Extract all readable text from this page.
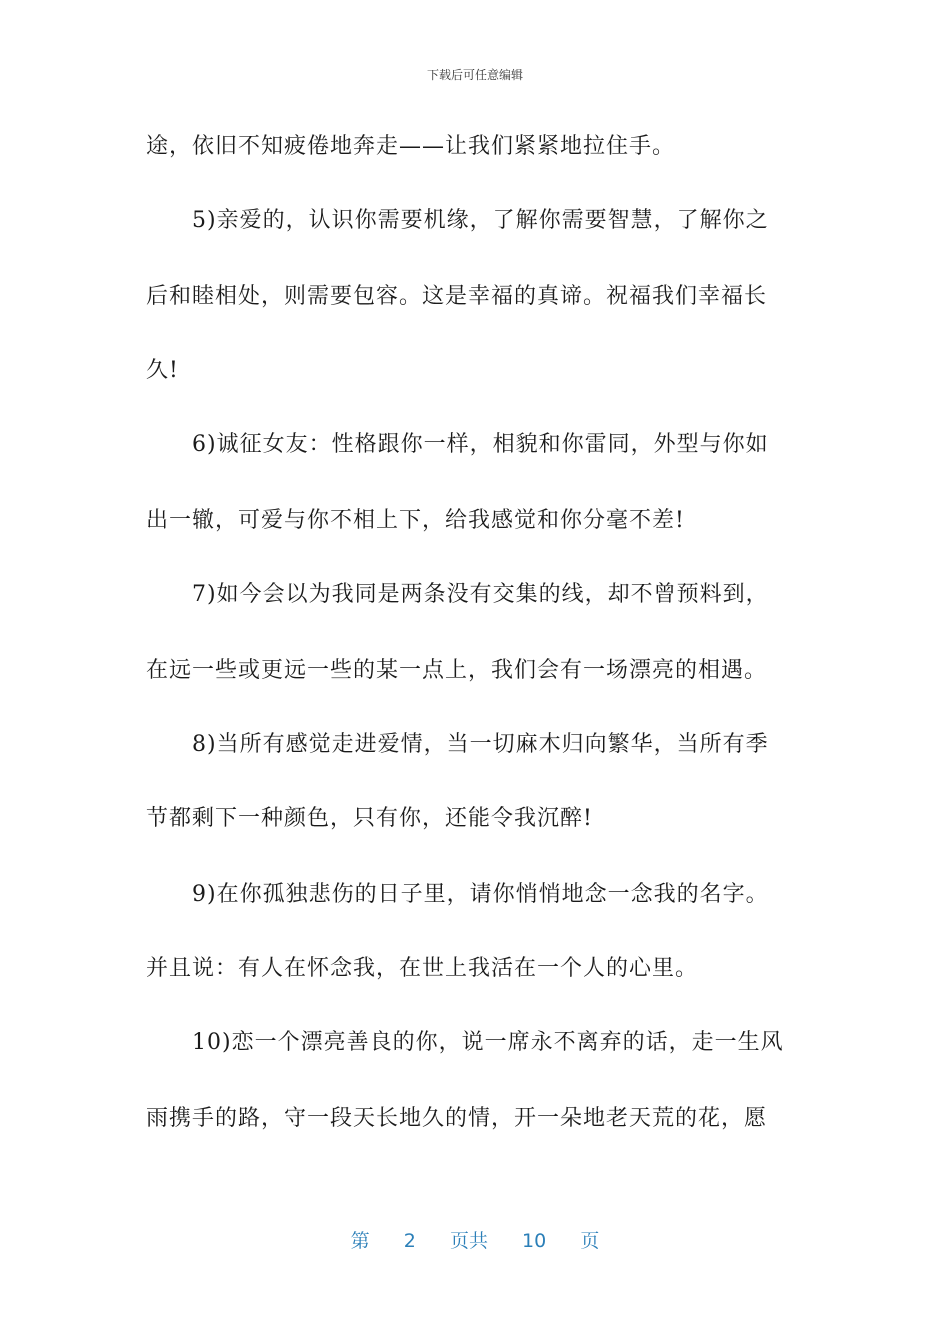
下载后可任意编辑
途，依旧不知疲倦地奔走——让我们紧紧地拉住手。
5)亲爱的，认识你需要机缘，了解你需要智慧，了解你之
后和睦相处，则需要包容。这是幸福的真谛。祝福我们幸福长
久!
6)诚征女友：性格跟你一样，相貌和你雷同，外型与你如
出一辙，可爱与你不相上下，给我感觉和你分毫不差!
7)如今会以为我同是两条没有交集的线，却不曾预料到，
在远一些或更远一些的某一点上，我们会有一场漂亮的相遇。
8)当所有感觉走进爱情，当一切麻木归向繁华，当所有季
节都剩下一种颜色，只有你，还能令我沉醉!
9)在你孤独悲伤的日子里，请你悄悄地念一念我的名字。
并且说：有人在怀念我，在世上我活在一个人的心里。
10)恋一个漂亮善良的你，说一席永不离弃的话，走一生风
雨携手的路，守一段天长地久的情，开一朵地老天荒的花，愿
第 2 页共 10 页
